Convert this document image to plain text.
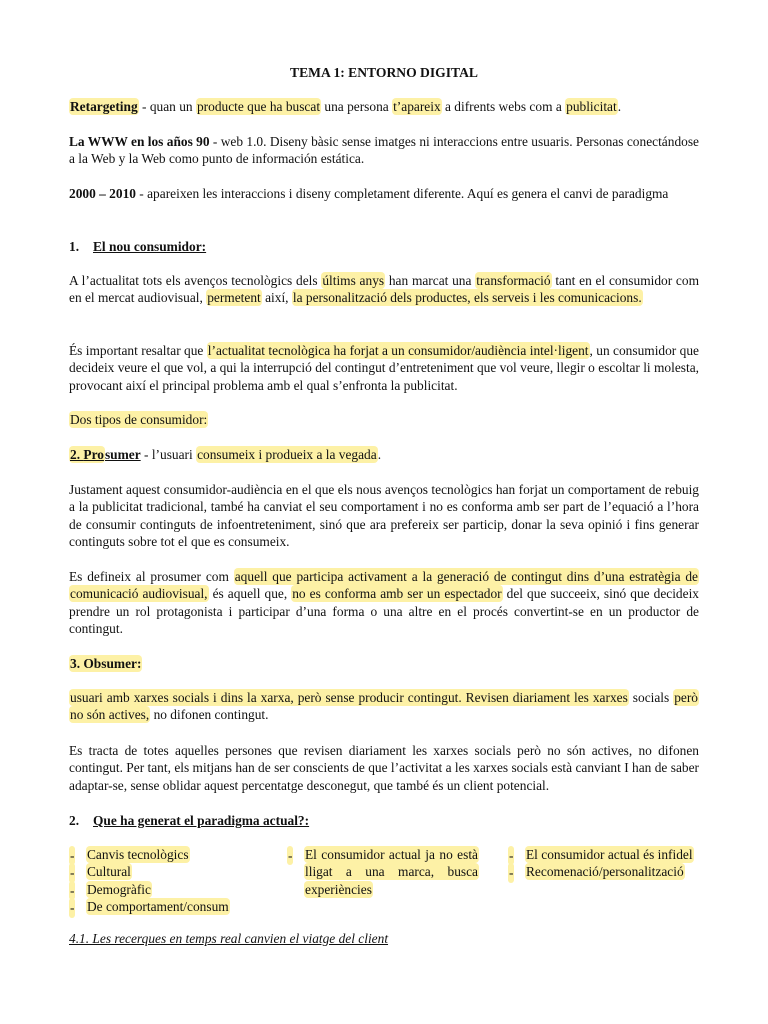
TEMA 1: ENTORNO DIGITAL

Retargeting - quan un producte que ha buscat una persona t’apareix a difrents webs com a publicitat.

La WWW en los años 90 - web 1.0. Diseny bàsic sense imatges ni interaccions entre usuaris. Personas conectándose a la Web y la Web como punto de información estática.

2000 – 2010 - apareixen les interaccions i diseny completament diferente. Aquí es genera el canvi de paradigma

1. El nou consumidor:

A l’actualitat tots els avenços tecnològics dels últims anys han marcat una transformació tant en el consumidor com en el mercat audiovisual, permetent així, la personalització dels productes, els serveis i les comunicacions.

És important resaltar que l’actualitat tecnològica ha forjat a un consumidor/audiència intel·ligent, un consumidor que decideix veure el que vol, a qui la interrupció del contingut d’entreteniment que vol veure, llegir o escoltar li molesta, provocant així el principal problema amb el qual s’enfronta la publicitat.

Dos tipos de consumidor:

2. Prosumer - l’usuari consumeix i produeix a la vegada.

Justament aquest consumidor-audiència en el que els nous avenços tecnològics han forjat un comportament de rebuig a la publicitat tradicional, també ha canviat el seu comportament i no es conforma amb ser part de l’equació a l’hora de consumir continguts de infoentreteniment, sinó que ara prefereix ser particip, donar la seva opinió i fins generar continguts sobre tot el que es consumeix.

Es defineix al prosumer com aquell que participa activament a la generació de contingut dins d’una estratègia de comunicació audiovisual, és aquell que, no es conforma amb ser un espectador del que succeeix, sinó que decideix prendre un rol protagonista i participar d’una forma o una altre en el procés convertint-se en un productor de contingut.

3. Obsumer:

usuari amb xarxes socials i dins la xarxa, però sense producir contingut. Revisen diariament les xarxes socials però no són actives, no difonen contingut.

Es tracta de totes aquelles persones que revisen diariament les xarxes socials però no són actives, no difonen contingut. Per tant, els mitjans han de ser conscients de que l’activitat a les xarxes socials està canviant I han de saber adaptar-se, sense oblidar aquest percentatge desconegut, que també és un client potencial.

2. Que ha generat el paradigma actual?:
- Canvis tecnològics
- Cultural
- Demogràfic
- De comportament/consum
- El consumidor actual ja no està lligat a una marca, busca experiències
- El consumidor actual és infidel
- Recomenació/personalització
4.1. Les recerques en temps real canvien el viatge del client
